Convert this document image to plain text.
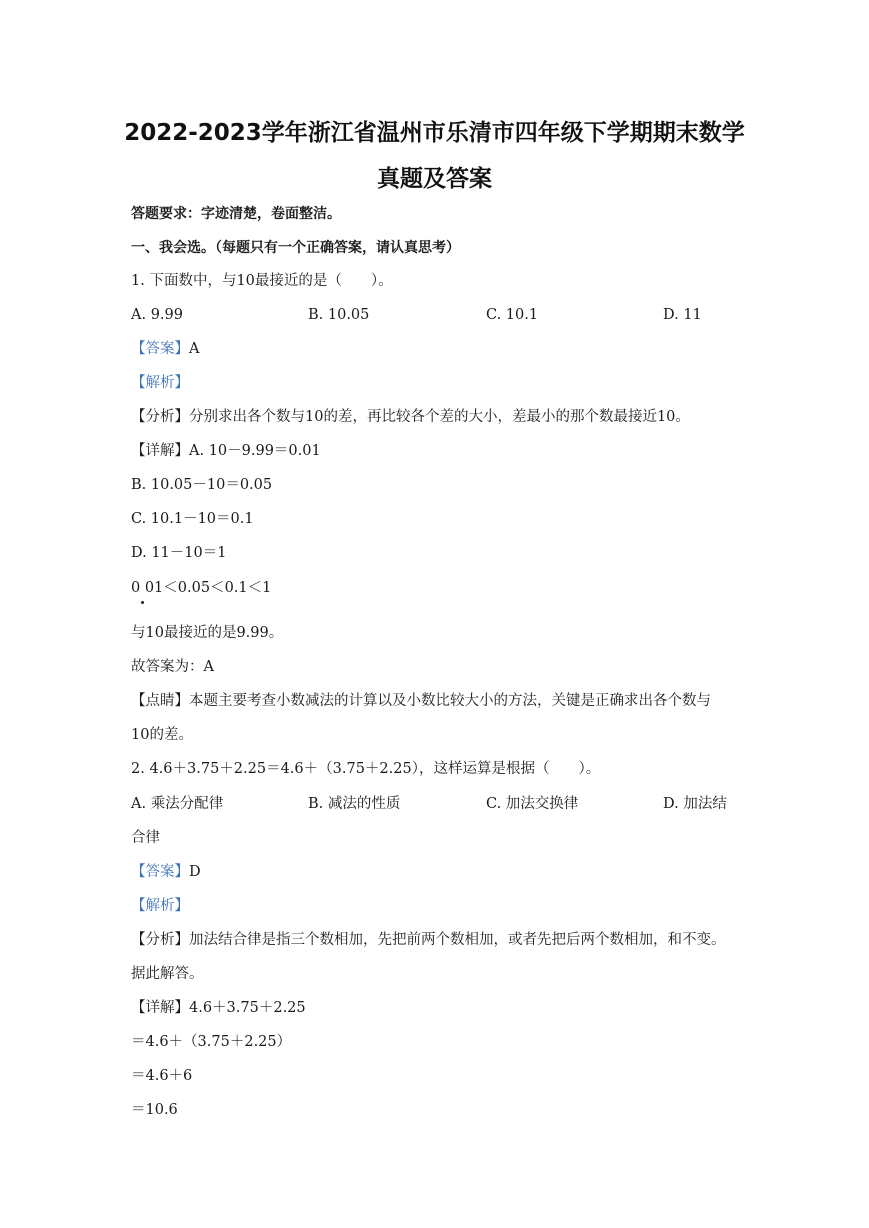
2022-2023学年浙江省温州市乐清市四年级下学期期末数学
真题及答案
答题要求：字迹清楚，卷面整洁。
一、我会选。（每题只有一个正确答案，请认真思考）
1. 下面数中，与10最接近的是（　　）。
A. 9.99	B. 10.05	C. 10.1	D. 11
【答案】A
【解析】
【分析】分别求出各个数与10的差，再比较各个差的大小，差最小的那个数最接近10。
【详解】A. 10－9.99＝0.01
B. 10.05－10＝0.05
C. 10.1－10＝0.1
D. 11－10＝1
0 01＜0.05＜0.1＜1
与10最接近的是9.99。
故答案为：A
【点睛】本题主要考查小数减法的计算以及小数比较大小的方法，关键是正确求出各个数与
10的差。
2. 4.6＋3.75＋2.25＝4.6＋（3.75＋2.25），这样运算是根据（　　）。
A. 乘法分配律	B. 减法的性质	C. 加法交换律	D. 加法结
合律
【答案】D
【解析】
【分析】加法结合律是指三个数相加，先把前两个数相加，或者先把后两个数相加，和不变。
据此解答。
【详解】4.6＋3.75＋2.25
＝4.6＋（3.75＋2.25）
＝4.6＋6
＝10.6
